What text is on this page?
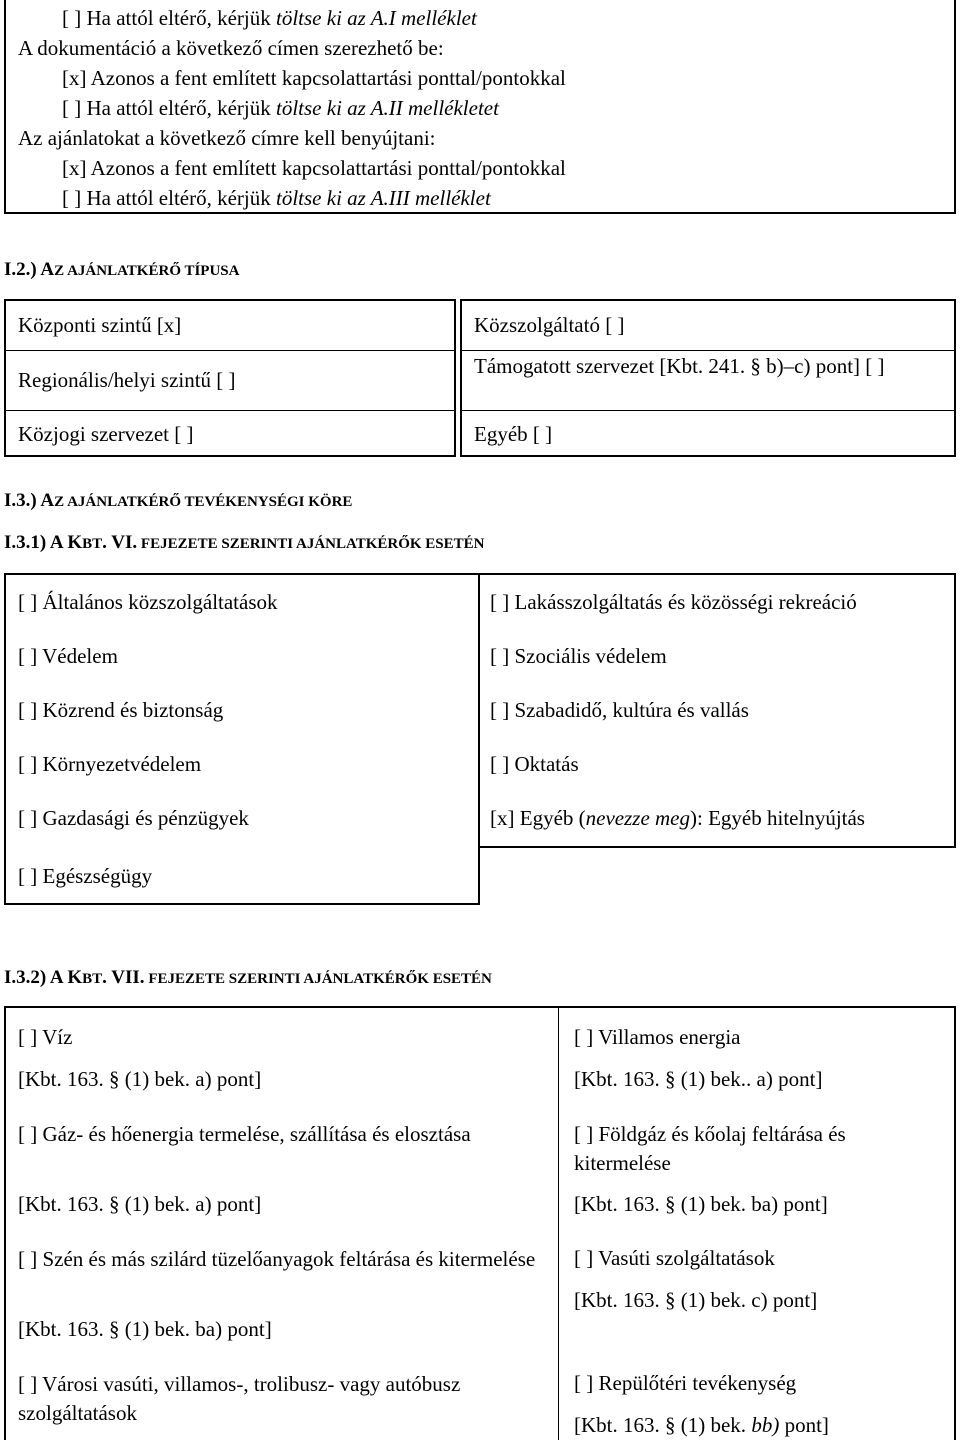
[ ] Ha attól eltérő, kérjük töltse ki az A.I melléklet
A dokumentáció a következő címen szerezhető be:
[x] Azonos a fent említett kapcsolattartási ponttal/pontokkal
[ ] Ha attól eltérő, kérjük töltse ki az A.II mellékletet
Az ajánlatokat a következő címre kell benyújtani:
[x] Azonos a fent említett kapcsolattartási ponttal/pontokkal
[ ] Ha attól eltérő, kérjük töltse ki az A.III melléklet
I.2.) AZ AJÁNLATKÉRŐ TÍPUSA
Központi szintű [x]
Regionális/helyi szintű [ ]
Közjogi szervezet [ ]
Közszolgáltató [ ]
Támogatott szervezet [Kbt. 241. § b)–c) pont] [ ]
Egyéb [ ]
I.3.) AZ AJÁNLATKÉRŐ TEVÉKENYSÉGI KÖRE
I.3.1) A KBT. VI. FEJEZETE SZERINTI AJÁNLATKÉRŐK ESETÉN
[ ] Általános közszolgáltatások
[ ] Védelem
[ ] Közrend és biztonság
[ ] Környezetvédelem
[ ] Gazdasági és pénzügyek
[ ] Egészségügy
[ ] Lakásszolgáltatás és közösségi rekreáció
[ ] Szociális védelem
[ ] Szabadidő, kultúra és vallás
[ ] Oktatás
[x] Egyéb (nevezze meg): Egyéb hitelnyújtás
I.3.2) A KBT. VII. FEJEZETE SZERINTI AJÁNLATKÉRŐK ESETÉN
[ ] Víz
[Kbt. 163. § (1) bek. a) pont]
[ ] Gáz- és hőenergia termelése, szállítása és elosztása
[Kbt. 163. § (1) bek. a) pont]
[ ] Szén és más szilárd tüzelőanyagok feltárása és kitermelése
[Kbt. 163. § (1) bek. ba) pont]
[ ] Városi vasúti, villamos-, trolibusz- vagy autóbusz szolgáltatások
[ ] Villamos energia
[Kbt. 163. § (1) bek.. a) pont]
[ ] Földgáz és kőolaj feltárása és kitermelése
[Kbt. 163. § (1) bek. ba) pont]
[ ] Vasúti szolgáltatások
[Kbt. 163. § (1) bek. c) pont]
[ ] Repülőtéri tevékenység
[Kbt. 163. § (1) bek. bb) pont]
